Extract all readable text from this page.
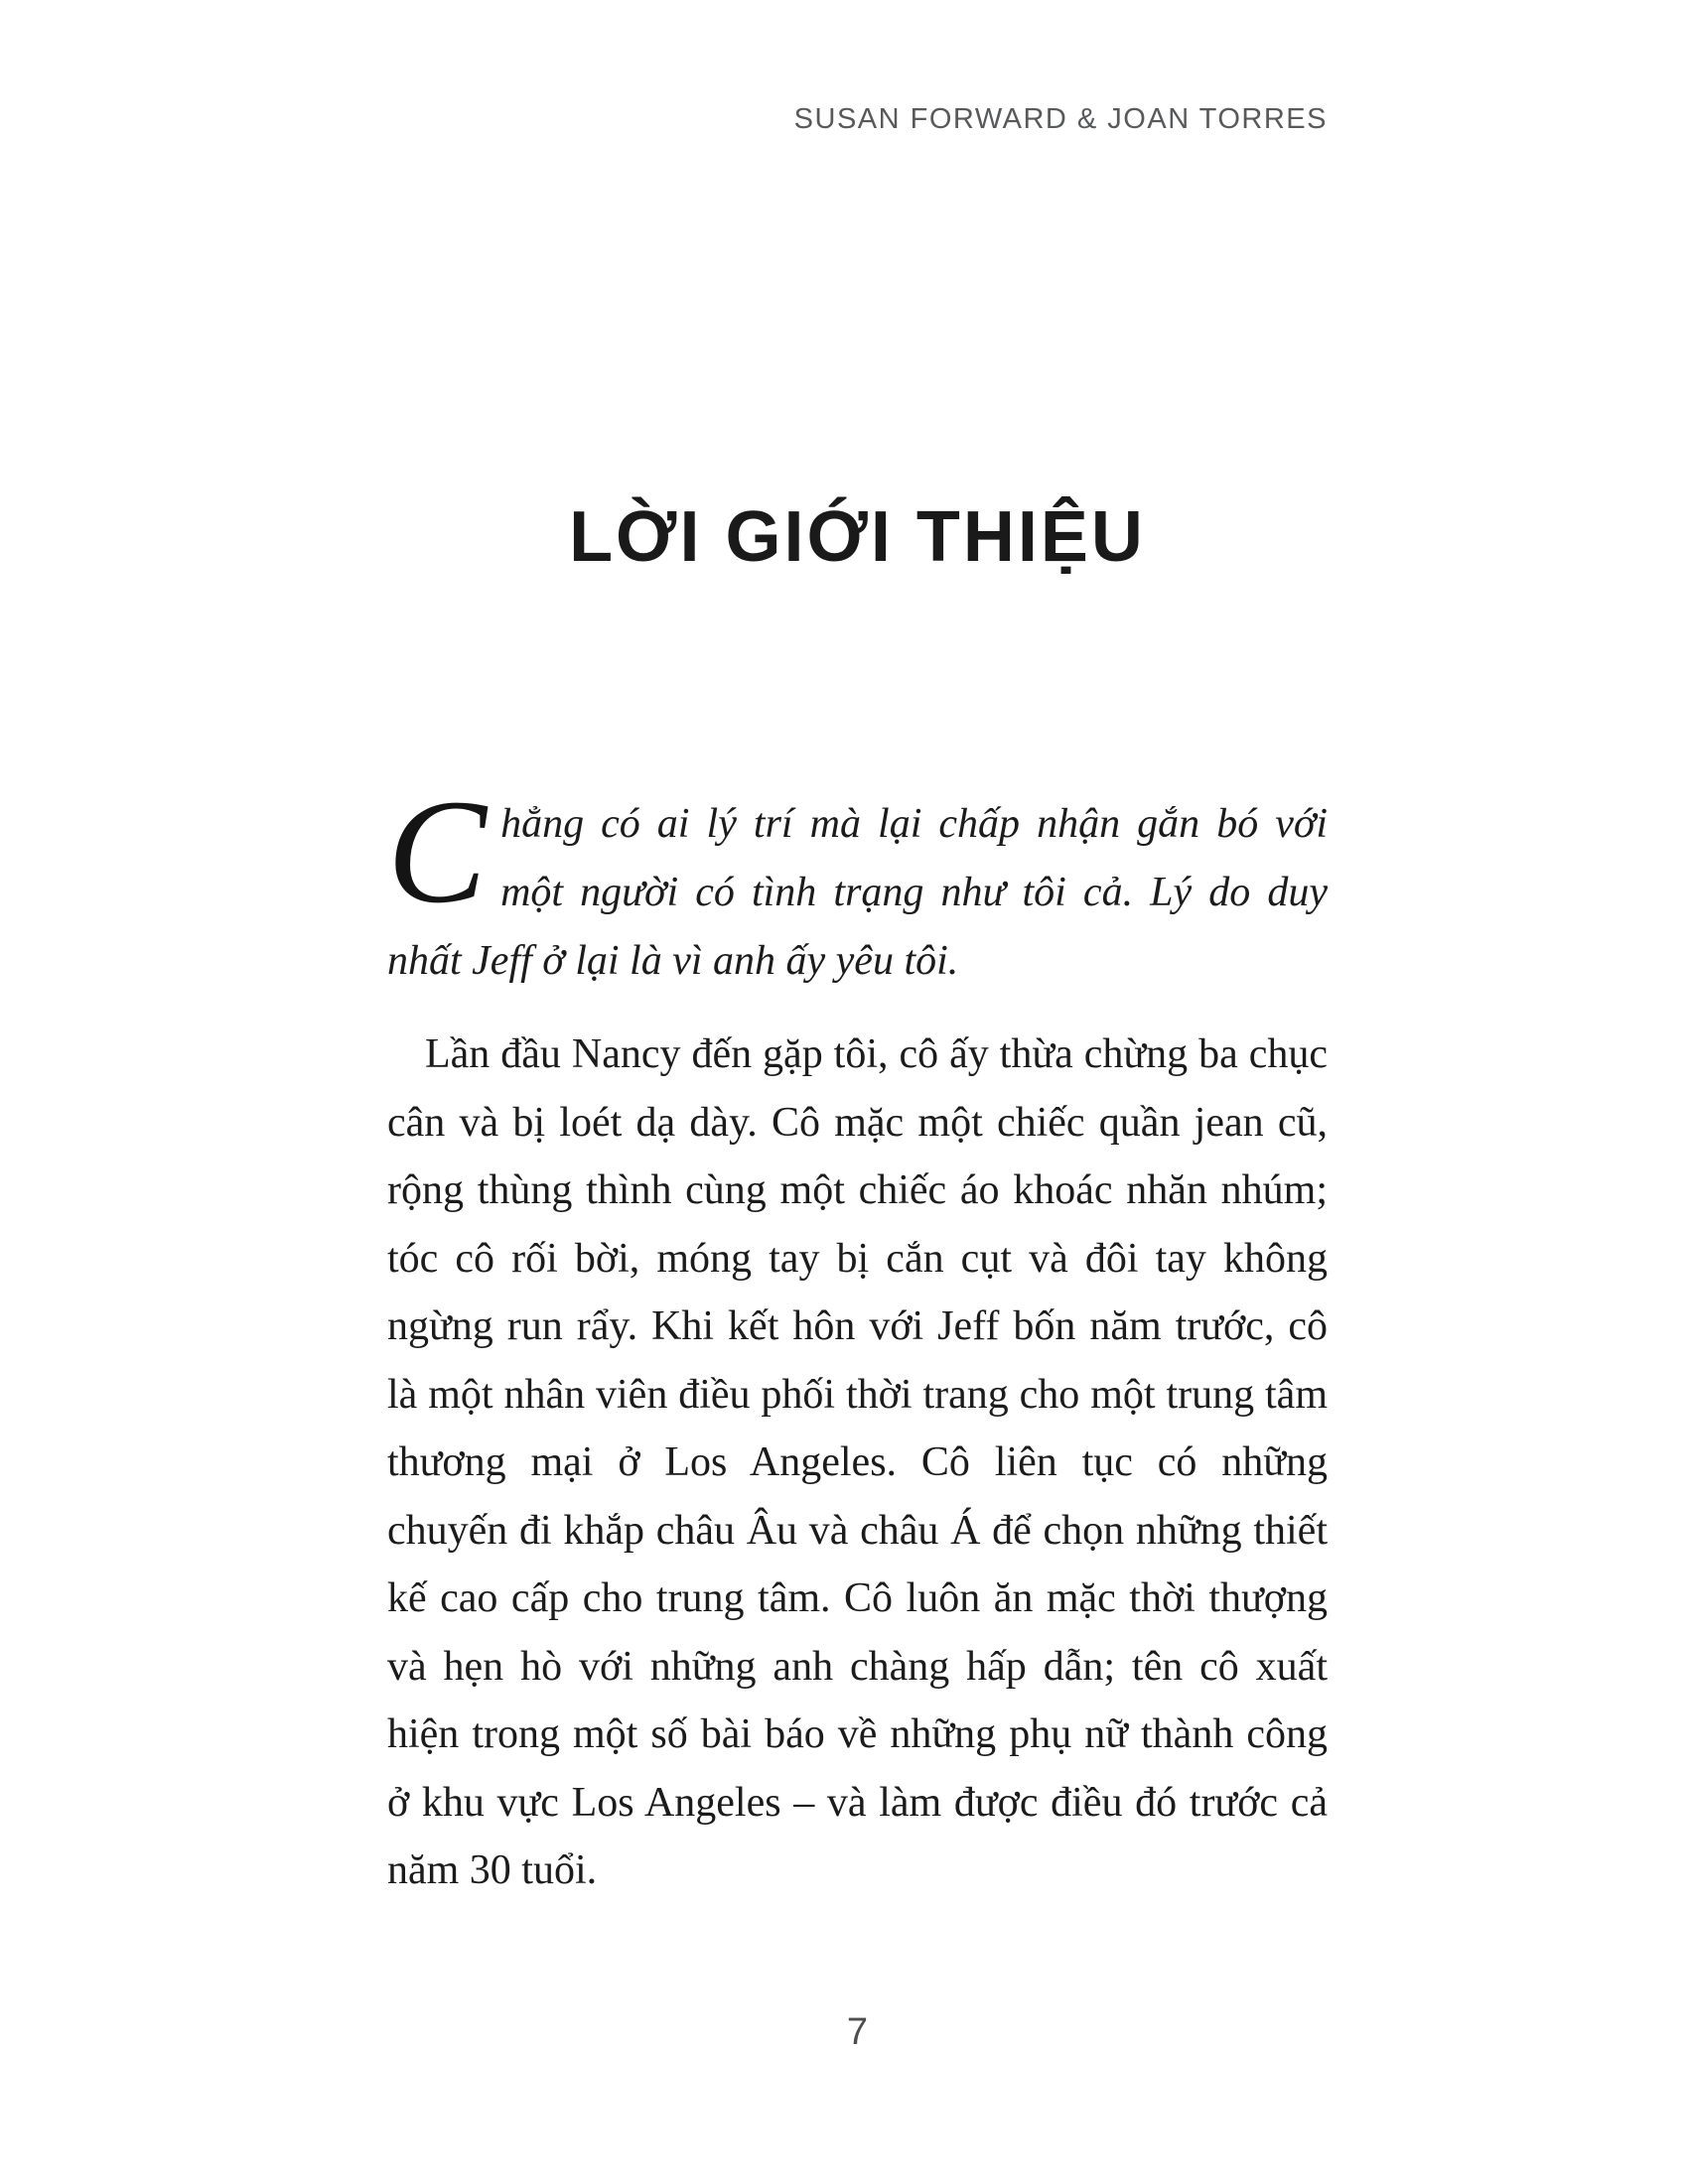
SUSAN FORWARD & JOAN TORRES
LỜI GIỚI THIỆU
Chẳng có ai lý trí mà lại chấp nhận gắn bó với một người có tình trạng như tôi cả. Lý do duy nhất Jeff ở lại là vì anh ấy yêu tôi.

Lần đầu Nancy đến gặp tôi, cô ấy thừa chừng ba chục cân và bị loét dạ dày. Cô mặc một chiếc quần jean cũ, rộng thùng thình cùng một chiếc áo khoác nhăn nhúm; tóc cô rối bời, móng tay bị cắn cụt và đôi tay không ngừng run rẩy. Khi kết hôn với Jeff bốn năm trước, cô là một nhân viên điều phối thời trang cho một trung tâm thương mại ở Los Angeles. Cô liên tục có những chuyến đi khắp châu Âu và châu Á để chọn những thiết kế cao cấp cho trung tâm. Cô luôn ăn mặc thời thượng và hẹn hò với những anh chàng hấp dẫn; tên cô xuất hiện trong một số bài báo về những phụ nữ thành công ở khu vực Los Angeles – và làm được điều đó trước cả năm 30 tuổi.

7
